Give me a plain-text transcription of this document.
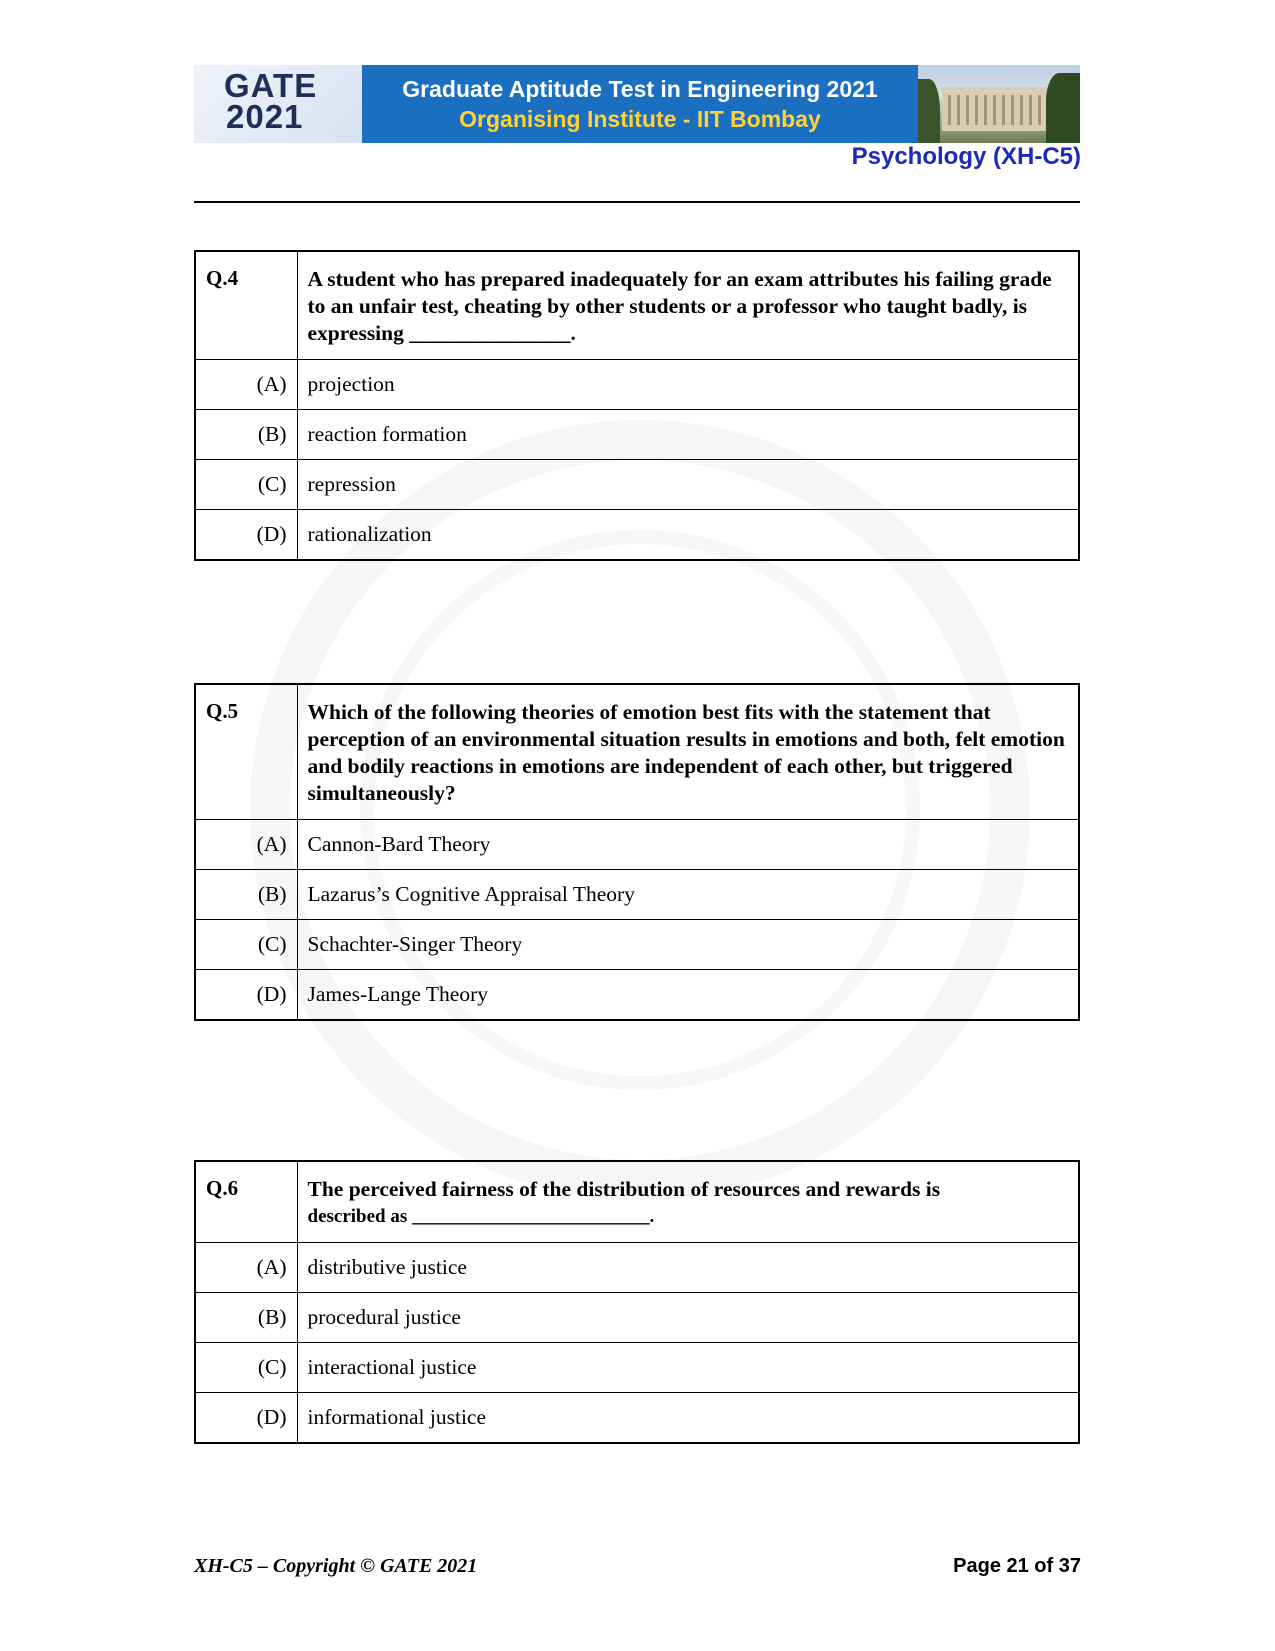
GATE
2021
Graduate Aptitude Test in Engineering 2021
Organising Institute - IIT Bombay
Psychology (XH-C5)
Q.4	A student who has prepared inadequately for an exam attributes his failing grade to an unfair test, cheating by other students or a professor who taught badly, is expressing _______________.
(A)	projection
(B)	reaction formation
(C)	repression
(D)	rationalization
Q.5	Which of the following theories of emotion best fits with the statement that perception of an environmental situation results in emotions and both, felt emotion and bodily reactions in emotions are independent of each other, but triggered simultaneously?
(A)	Cannon-Bard Theory
(B)	Lazarus’s Cognitive Appraisal Theory
(C)	Schachter-Singer Theory
(D)	James-Lange Theory
Q.6	The perceived fairness of the distribution of resources and rewards is
described as _________________________.

(A)	distributive justice
(B)	procedural justice
(C)	interactional justice
(D)	informational justice
XH-C5 – Copyright © GATE 2021	Page 21 of 37
